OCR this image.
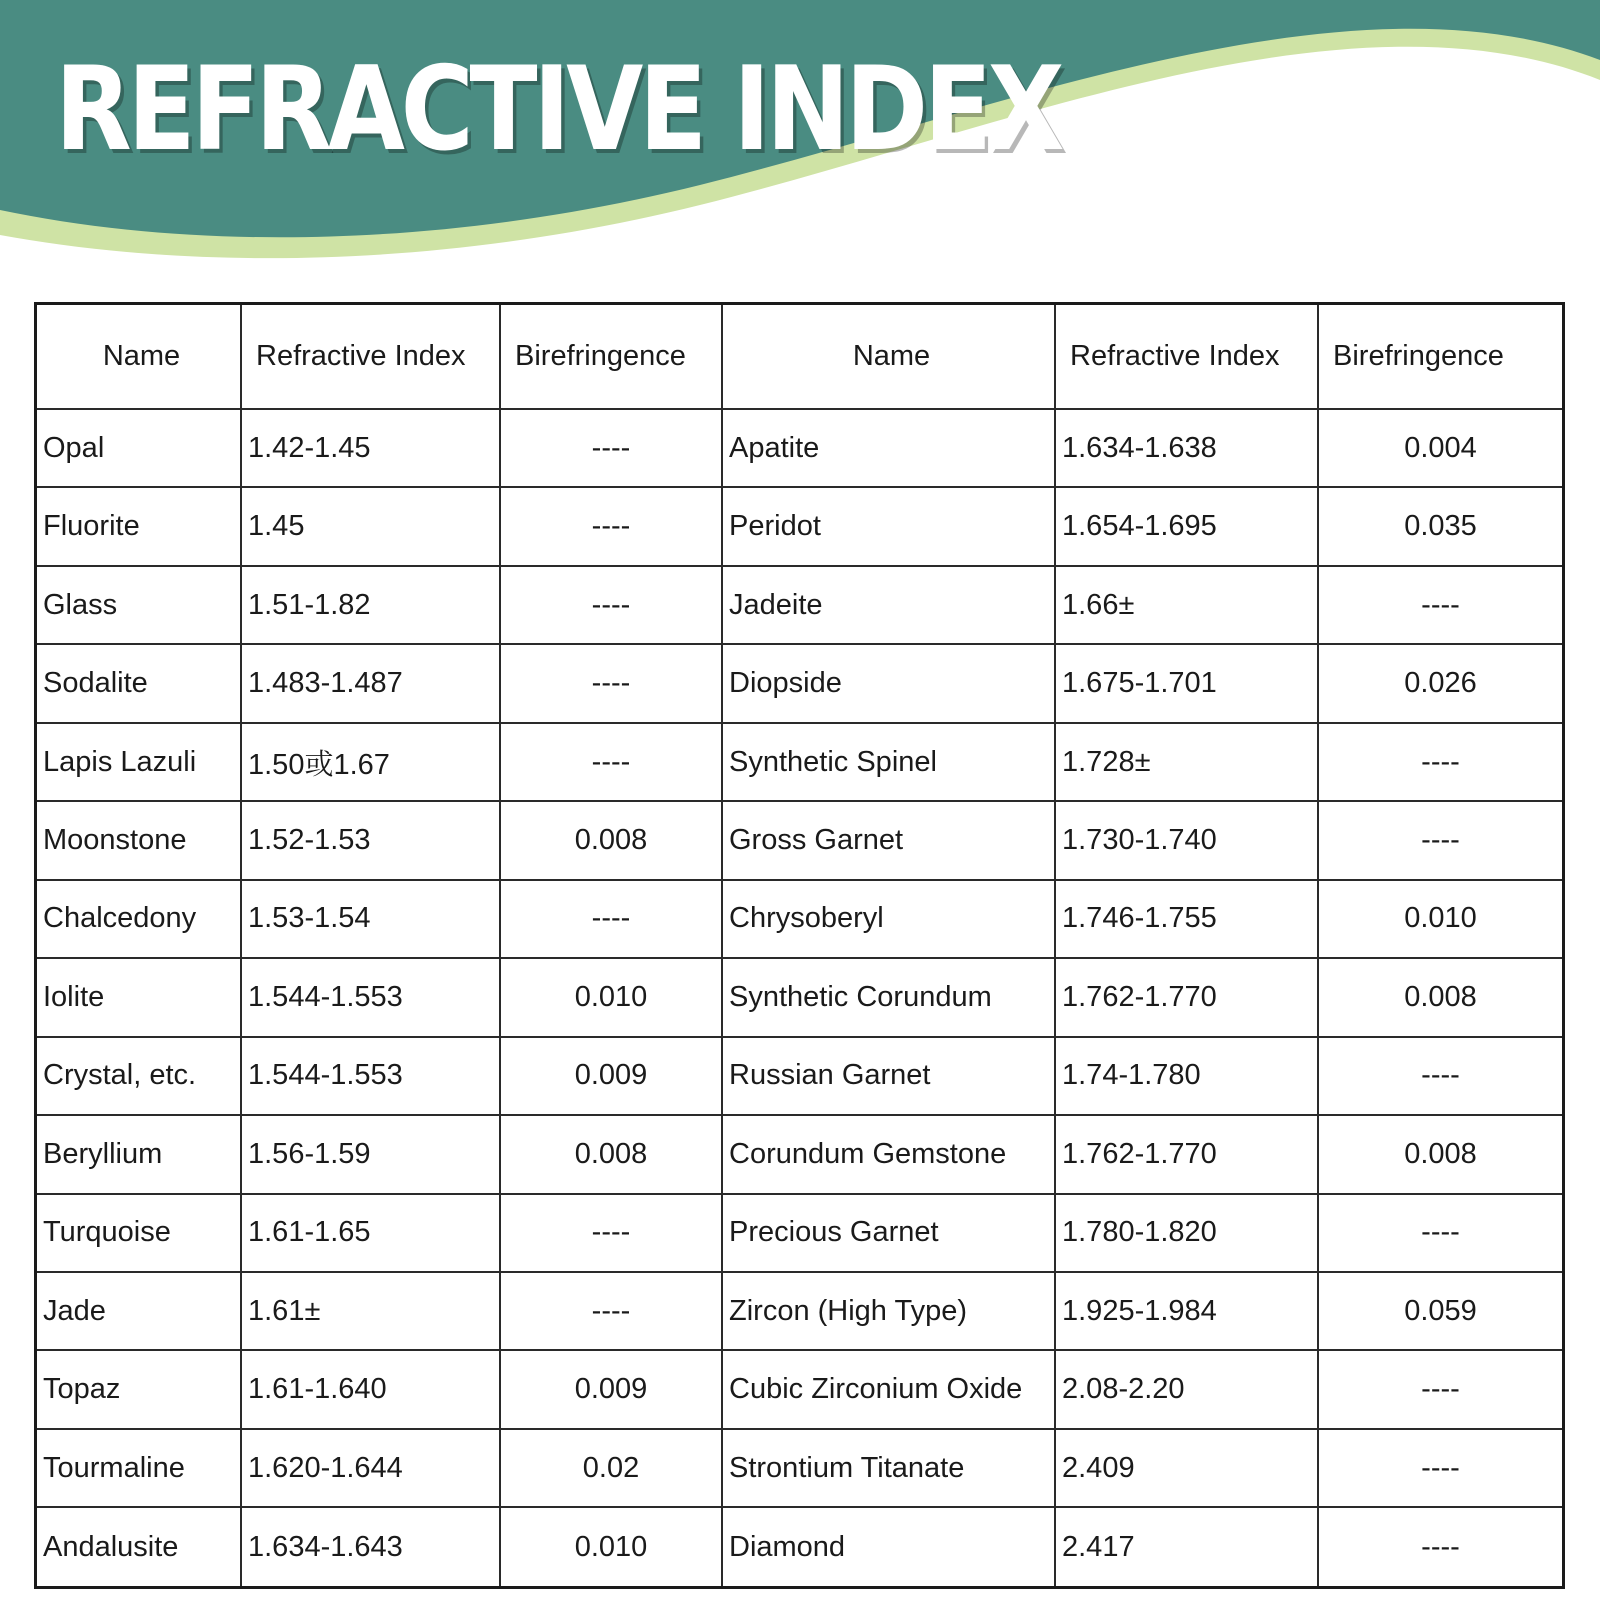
REFRACTIVE INDEX
Name	Refractive Index	Birefringence	Name	Refractive Index	Birefringence
Opal	1.42-1.45	----	Apatite	1.634-1.638	0.004
Fluorite	1.45	----	Peridot	1.654-1.695	0.035
Glass	1.51-1.82	----	Jadeite	1.66±	----
Sodalite	1.483-1.487	----	Diopside	1.675-1.701	0.026
Lapis Lazuli	1.50或1.67	----	Synthetic Spinel	1.728±	----
Moonstone	1.52-1.53	0.008	Gross Garnet	1.730-1.740	----
Chalcedony	1.53-1.54	----	Chrysoberyl	1.746-1.755	0.010
Iolite	1.544-1.553	0.010	Synthetic Corundum	1.762-1.770	0.008
Crystal, etc.	1.544-1.553	0.009	Russian Garnet	1.74-1.780	----
Beryllium	1.56-1.59	0.008	Corundum Gemstone	1.762-1.770	0.008
Turquoise	1.61-1.65	----	Precious Garnet	1.780-1.820	----
Jade	1.61±	----	Zircon (High Type)	1.925-1.984	0.059
Topaz	1.61-1.640	0.009	Cubic Zirconium Oxide	2.08-2.20	----
Tourmaline	1.620-1.644	0.02	Strontium Titanate	2.409	----
Andalusite	1.634-1.643	0.010	Diamond	2.417	----
